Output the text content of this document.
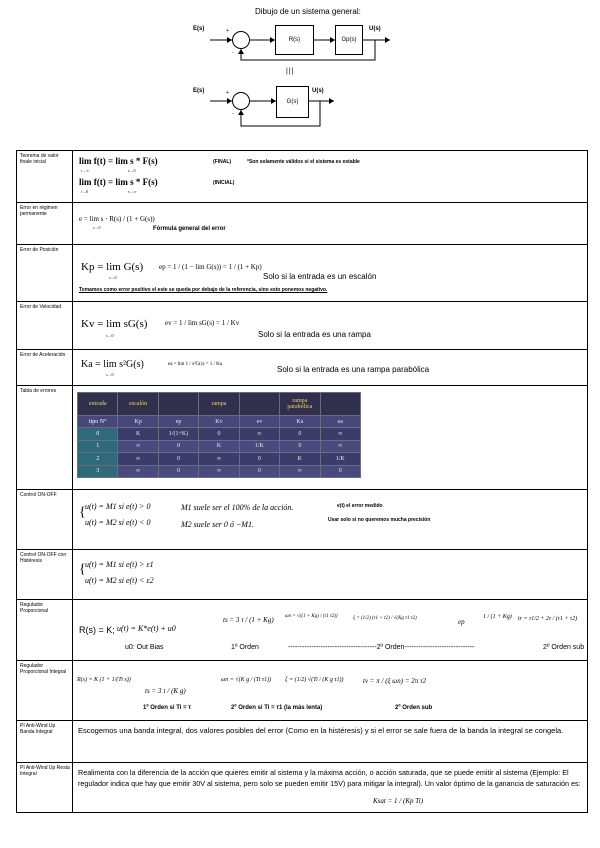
Dibujo de un sistema general:
E(s)	+
-
R(s)	Gp(s)
U(s)
|||
E(s)	+
-
G(s)
U(s)
Teorema de valor finale inicial	lim f(t) = lim s * F(s)
t→∞	s→0
(FINAL)	*Son solamente válidos si el sistema es estable
lim f(t) = lim s * F(s)
t→0	s→∞
(INICIAL)

Error en régimen permanente	
e = lim s · R(s) / (1 + G(s))
s→0	Fórmula general del error

Error de Posición	
Kp = lim G(s)
s→0
ep = 1 / (1 − lim G(s)) = 1 / (1 + Kp)
Solo si la entrada es un escalón
Tomamos como error positivo el este se queda por debajo de la referencia, sino esto ponemos negativo.

Error de Velocidad	
Kv = lim sG(s)
s→0
ev = 1 / lim sG(s) = 1 / Kv
Solo si la entrada es una rampa

Error de Aceleración	
Ka = lim s²G(s)
s→0
ea = lim 1 / s²G(s) = 1 / Ka
Solo si la entrada es una rampa parabólica

Tabla de errores	
entrada	escalón		rampa		rampa parabólica	
tipo N°	Kp	ep	Kv	ev	Ka	ea
0	K	1/(1+K)	0	∞	0	∞
1	∞	0	K	1/K	0	∞
2	∞	0	∞	0	K	1/K
3	∞	0	∞	0	∞	0

Control ON-OFF	
{ u(t) = M1 si e(t) > 0
u(t) = M2 si e(t) < 0
M1 suele ser el 100% de la acción.
M2 suele ser 0 ó −M1.
e(t) el error medido
Usar solo si no queremos mucha precisión

Control ON-OFF con Histéresis	
{ u(t) = M1 si e(t) > ε1
u(t) = M2 si e(t) < ε2

Regulador Proporcional	
R(s) = K; u(t) = K*e(t) + u0
ts = 3 τ / (1 + Kg) ωn = √((1 + Kg) / (τ1 τ2))	ξ = (1/2) (τ1 + τ2) / √(Kg τ1 τ2)	ep
1 / (1 + Kg) tr = τ1/2 + 2τ / (τ1 + τ2)
u0: Out Bias	1º Orden	--------------------------------------2º Orden------------------------------	2º Orden sub

Regulador Proporcional Integral	
R(s) = K (1 + 1/(Ti s))
ts = 3 τ / (K g)
ωn = √(K g / (Ti τ1)) ξ = (1/2) √(Ti / (K g τ1))	tv = π / (ξ ωn) = 2π τ2
1º Orden si Ti = τ	2º Orden si Ti = τ1 (la más lenta)	2º Orden sub

PI Anti-Wind Up Banda Integral	Escogemos una banda integral, dos valores posibles del error (Como en la histéresis) y si el error se sale fuera de la banda la integral se congela.

PI Anti-Wind Up Resta Integral	Realimenta con la diferencia de la acción que quieres emitir al sistema y la máxima acción, o acción saturada, que se puede emitir al sistema (Ejemplo: El regulador indica que hay que emitir 30V al sistema, pero solo se pueden emitir 15V) para mitigar la integral). Un valor óptimo de la ganancia de saturación es:
Ksat = 1 / (Kp Ti)
